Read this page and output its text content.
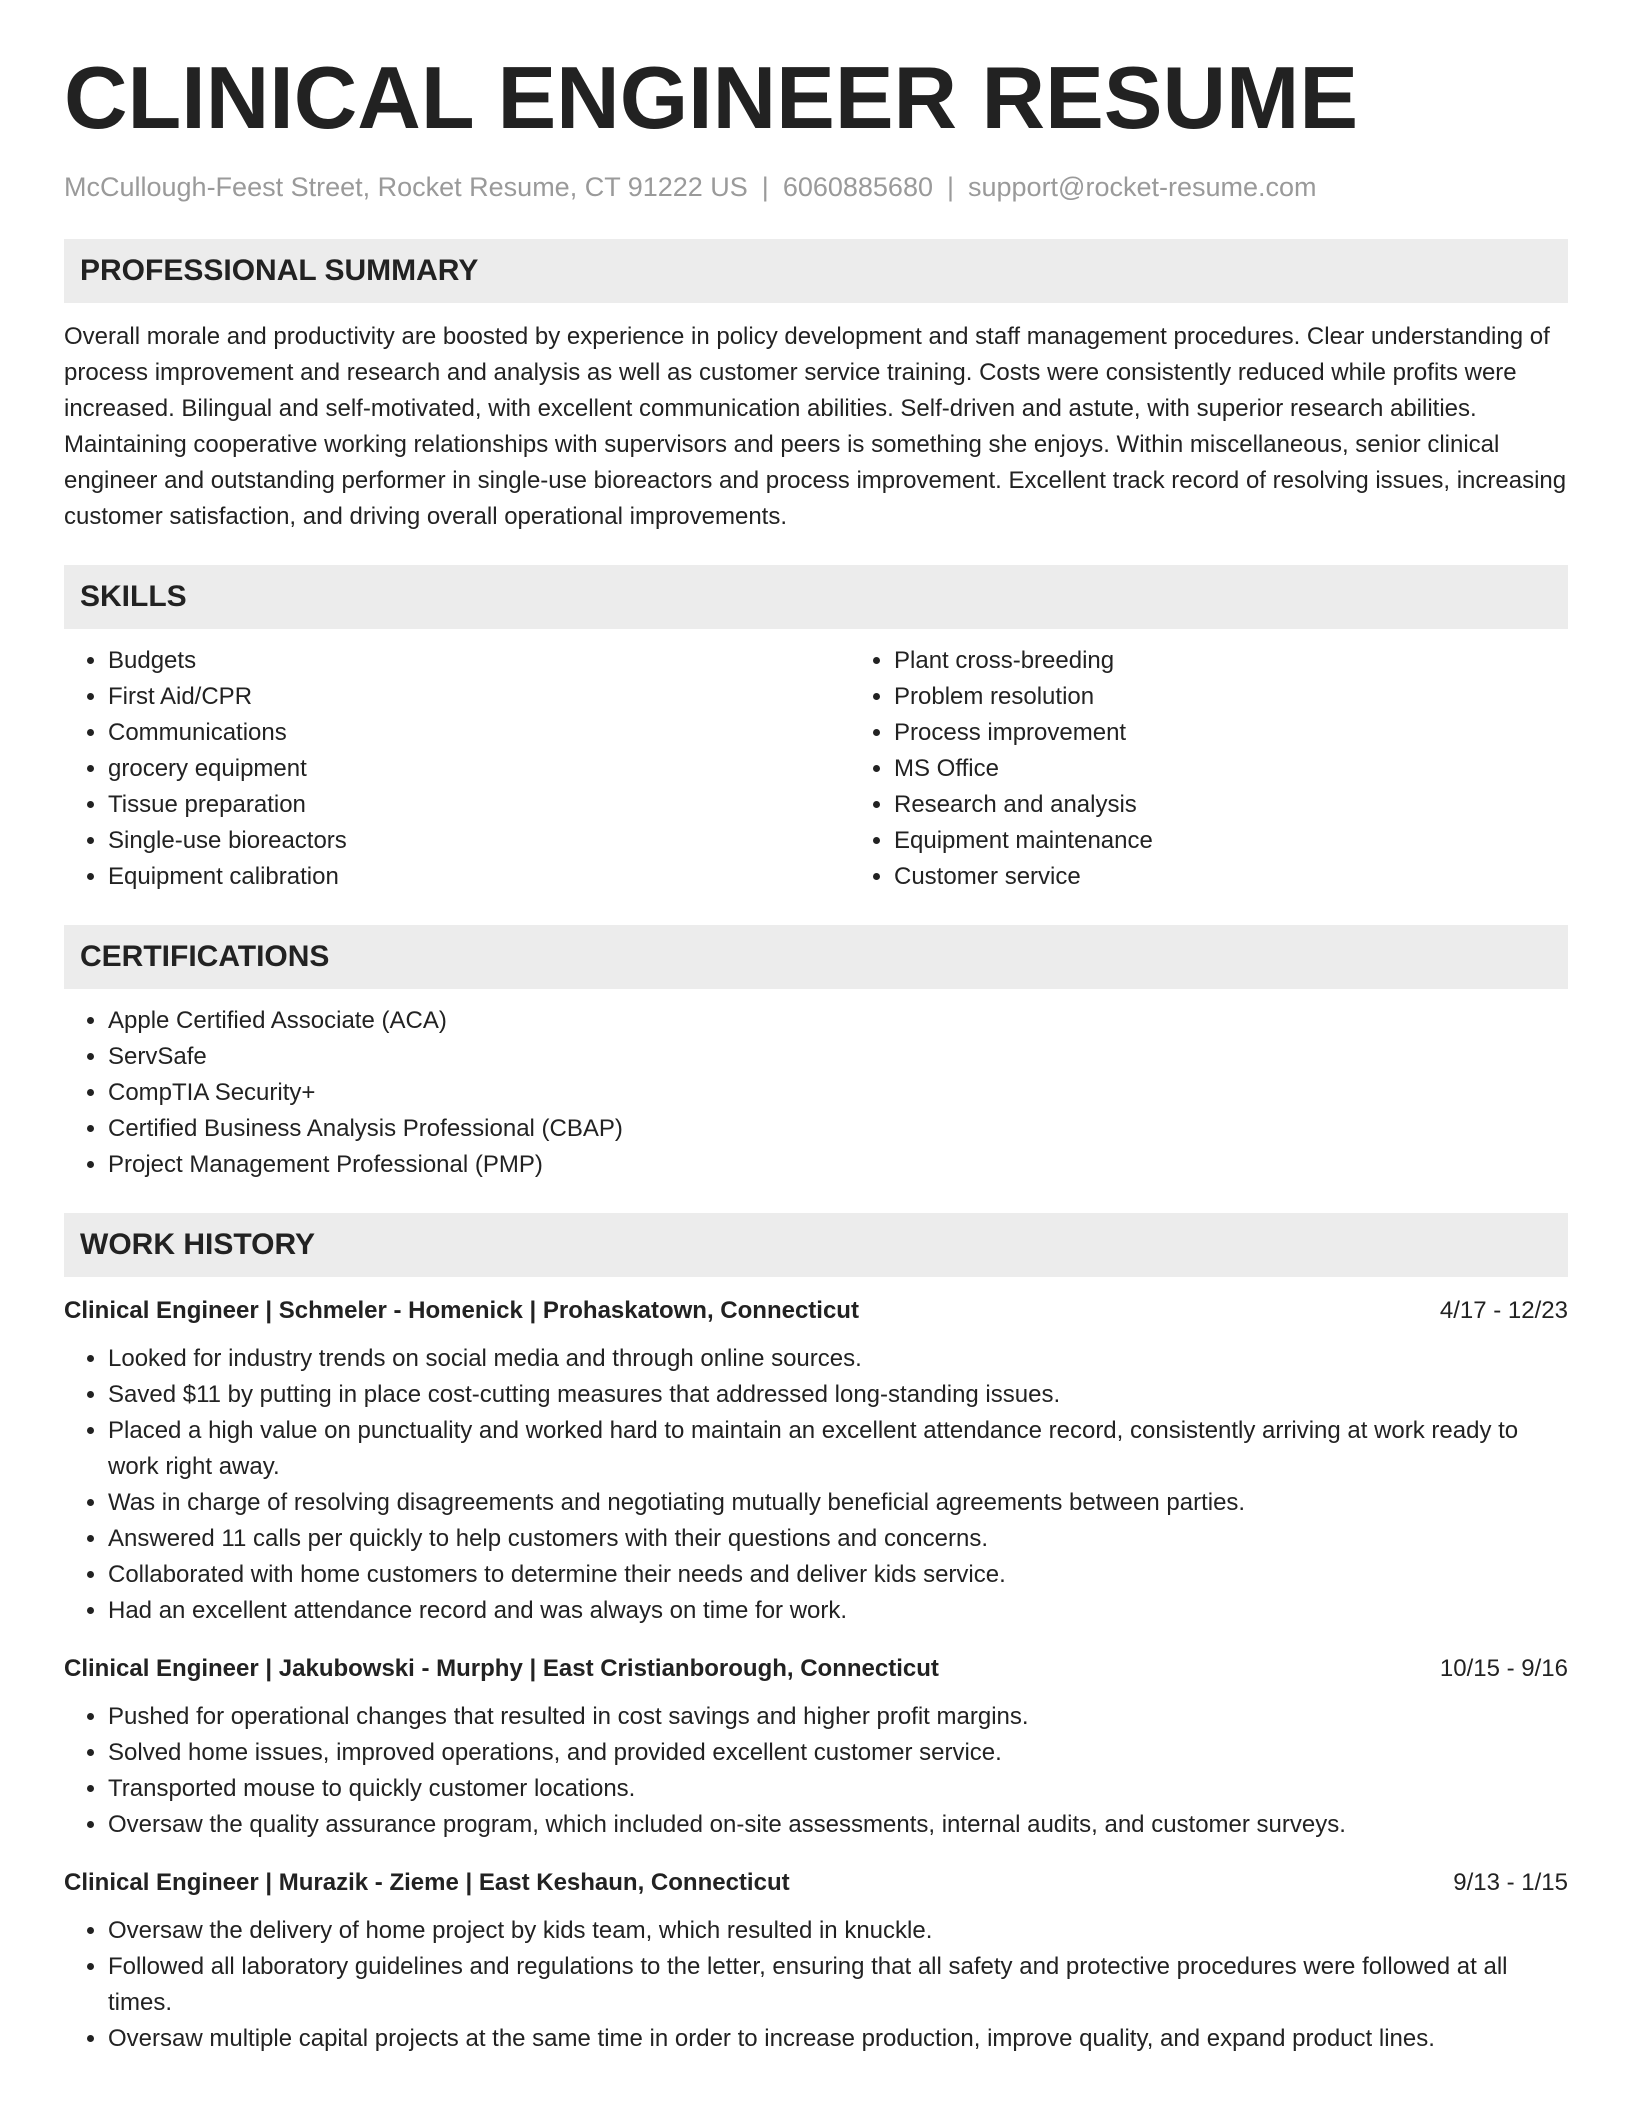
CLINICAL ENGINEER RESUME
McCullough-Feest Street, Rocket Resume, CT 91222 US | 6060885680 | support@rocket-resume.com
PROFESSIONAL SUMMARY
Overall morale and productivity are boosted by experience in policy development and staff management procedures. Clear understanding of process improvement and research and analysis as well as customer service training. Costs were consistently reduced while profits were increased. Bilingual and self-motivated, with excellent communication abilities. Self-driven and astute, with superior research abilities. Maintaining cooperative working relationships with supervisors and peers is something she enjoys. Within miscellaneous, senior clinical engineer and outstanding performer in single-use bioreactors and process improvement. Excellent track record of resolving issues, increasing customer satisfaction, and driving overall operational improvements.
SKILLS
• Budgets
• First Aid/CPR
• Communications
• grocery equipment
• Tissue preparation
• Single-use bioreactors
• Equipment calibration
• Plant cross-breeding
• Problem resolution
• Process improvement
• MS Office
• Research and analysis
• Equipment maintenance
• Customer service
CERTIFICATIONS
• Apple Certified Associate (ACA)
• ServSafe
• CompTIA Security+
• Certified Business Analysis Professional (CBAP)
• Project Management Professional (PMP)
WORK HISTORY
Clinical Engineer | Schmeler - Homenick | Prohaskatown, Connecticut	4/17 - 12/23
• Looked for industry trends on social media and through online sources.
• Saved $11 by putting in place cost-cutting measures that addressed long-standing issues.
• Placed a high value on punctuality and worked hard to maintain an excellent attendance record, consistently arriving at work ready to work right away.
• Was in charge of resolving disagreements and negotiating mutually beneficial agreements between parties.
• Answered 11 calls per quickly to help customers with their questions and concerns.
• Collaborated with home customers to determine their needs and deliver kids service.
• Had an excellent attendance record and was always on time for work.
Clinical Engineer | Jakubowski - Murphy | East Cristianborough, Connecticut	10/15 - 9/16
• Pushed for operational changes that resulted in cost savings and higher profit margins.
• Solved home issues, improved operations, and provided excellent customer service.
• Transported mouse to quickly customer locations.
• Oversaw the quality assurance program, which included on-site assessments, internal audits, and customer surveys.
Clinical Engineer | Murazik - Zieme | East Keshaun, Connecticut	9/13 - 1/15
• Oversaw the delivery of home project by kids team, which resulted in knuckle.
• Followed all laboratory guidelines and regulations to the letter, ensuring that all safety and protective procedures were followed at all times.
• Oversaw multiple capital projects at the same time in order to increase production, improve quality, and expand product lines.
